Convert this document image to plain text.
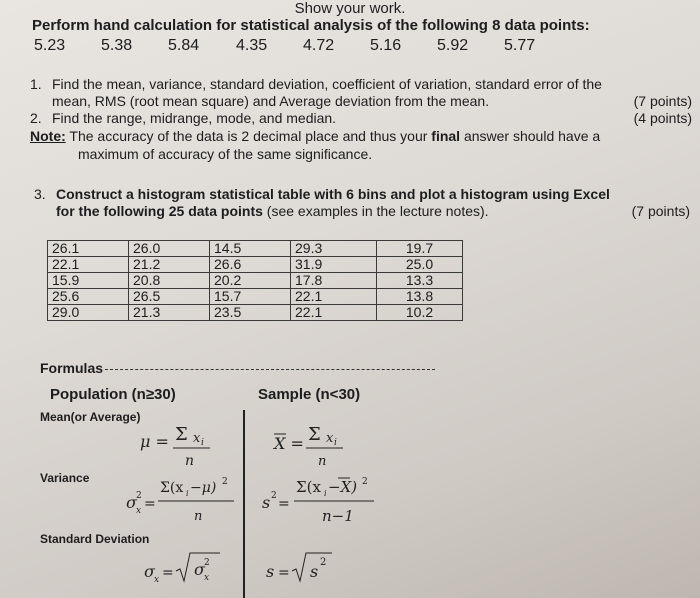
Show your work.
Perform hand calculation for statistical analysis of the following 8 data points:
5.23	5.38	5.84	4.35	4.72	5.16	5.92	5.77
1. Find the mean, variance, standard deviation, coefficient of variation, standard error of the
mean, RMS (root mean square) and Average deviation from the mean.	(7 points)
2. Find the range, midrange, mode, and median.	(4 points)
Note: The accuracy of the data is 2 decimal place and thus your final answer should have a
maximum of accuracy of the same significance.
3. Construct a histogram statistical table with 6 bins and plot a histogram using Excel
for the following 25 data points (see examples in the lecture notes).	(7 points)
26.1	26.0	14.5	29.3	19.7
22.1	21.2	26.6	31.9	25.0
15.9	20.8	20.2	17.8	13.3
25.6	26.5	15.7	22.1	13.8
29.0	21.3	23.5	22.1	10.2
Formulas
Population (n≥30)	Sample (n<30)
Mean(or Average)
Variance
Standard Deviation
μ = Σ x i
n
X = Σ x i
n
σ 2
x =
Σ(x i −μ) 2
n
s 2 =
Σ(x i −X) 2
n−1
σ x = σ 2
x	s = s 2
